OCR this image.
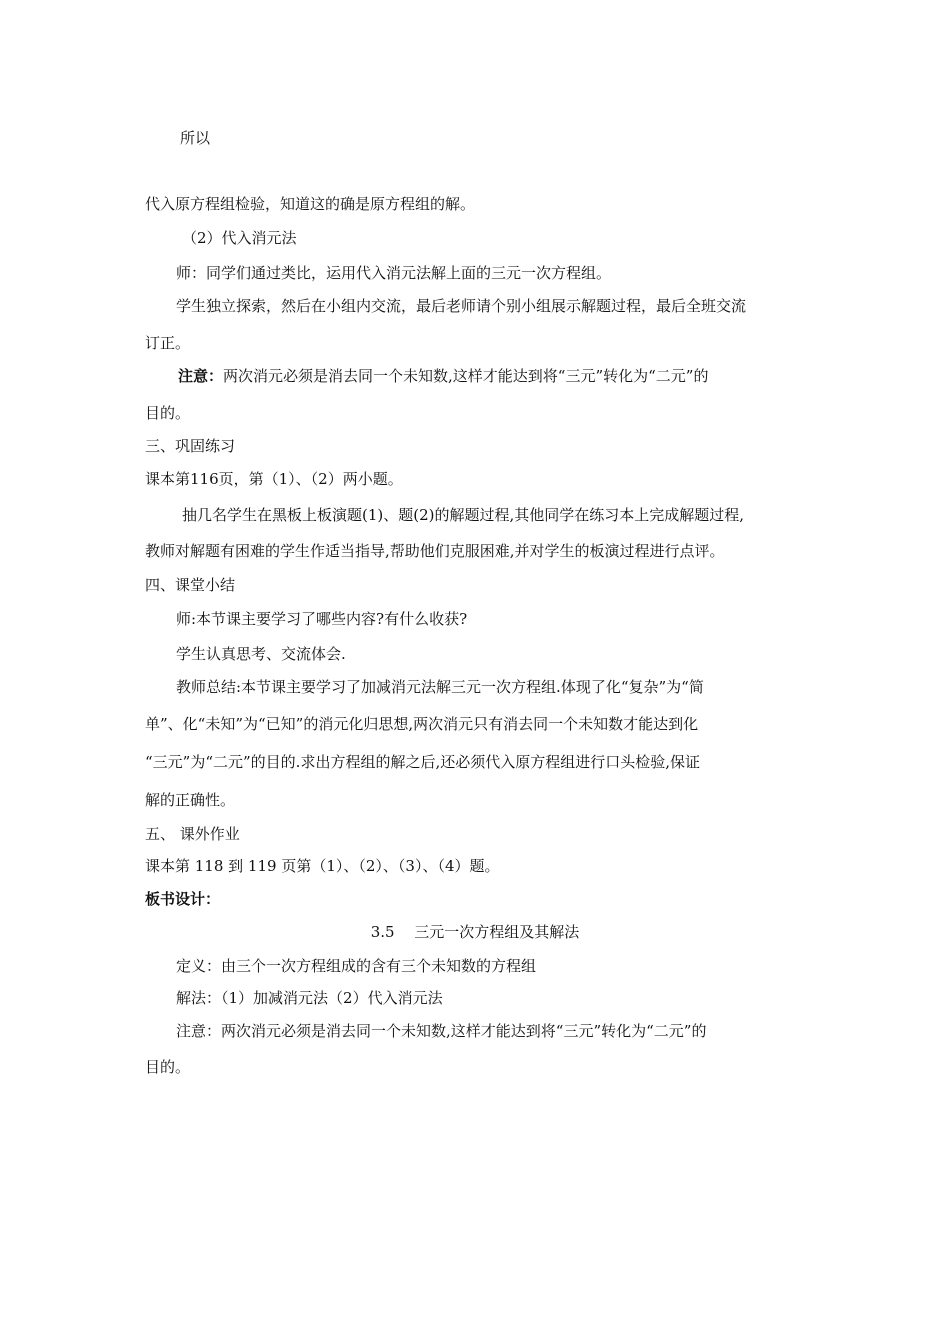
所以
代入原方程组检验，知道这的确是原方程组的解。
（2）代入消元法
师：同学们通过类比，运用代入消元法解上面的三元一次方程组。
学生独立探索，然后在小组内交流，最后老师请个别小组展示解题过程，最后全班交流
订正。
注意：两次消元必须是消去同一个未知数,这样才能达到将“三元”转化为“二元”的
目的。
三、巩固练习
课本第116页，第（1）、（2）两小题。
抽几名学生在黑板上板演题(1)、题(2)的解题过程,其他同学在练习本上完成解题过程,
教师对解题有困难的学生作适当指导,帮助他们克服困难,并对学生的板演过程进行点评。
四、课堂小结
师:本节课主要学习了哪些内容?有什么收获?
学生认真思考、交流体会.
教师总结:本节课主要学习了加减消元法解三元一次方程组.体现了化“复杂”为“简
单”、化“未知”为“已知”的消元化归思想,两次消元只有消去同一个未知数才能达到化
“三元”为“二元”的目的.求出方程组的解之后,还必须代入原方程组进行口头检验,保证
解的正确性。
五、 课外作业
课本第 118 到 119 页第（1）、（2）、（3）、（4）题。
板书设计：
3.5　 三元一次方程组及其解法
定义：由三个一次方程组成的含有三个未知数的方程组
解法：（1）加减消元法（2）代入消元法
注意：两次消元必须是消去同一个未知数,这样才能达到将“三元”转化为“二元”的
目的。
